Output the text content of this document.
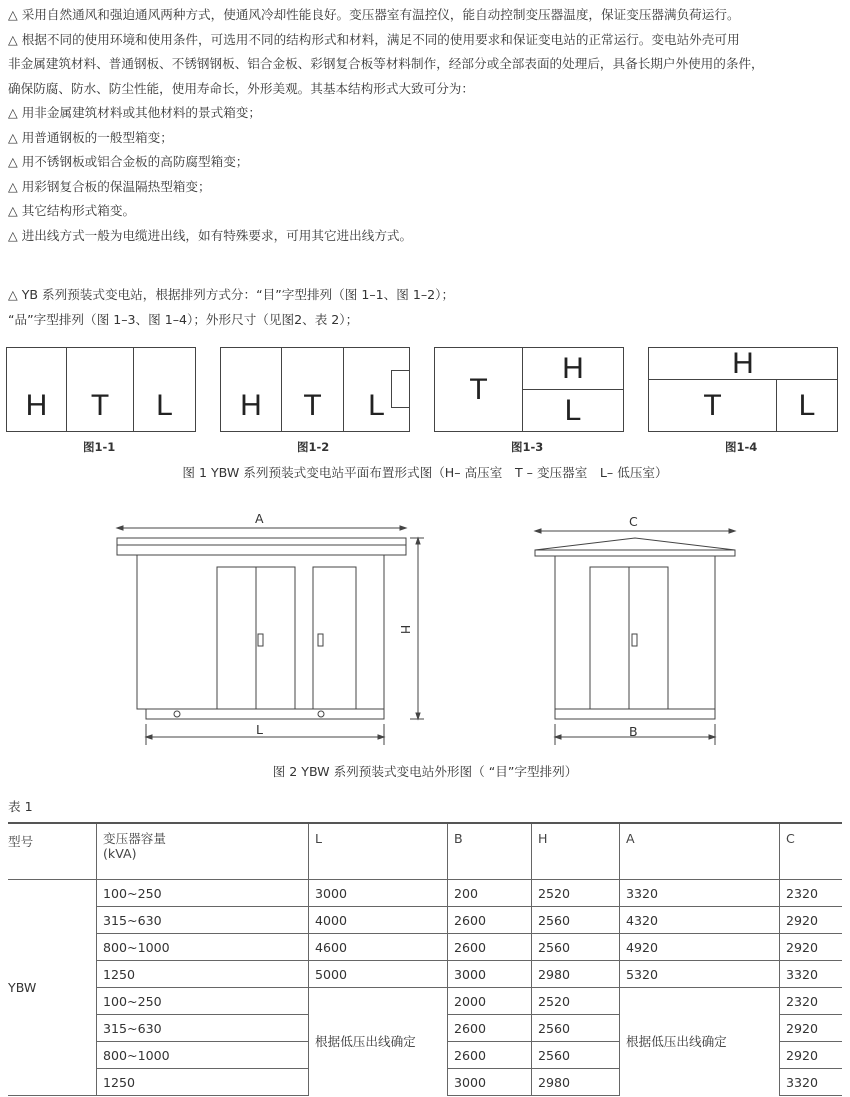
△ 采用自然通风和强迫通风两种方式，使通风冷却性能良好。变压器室有温控仪，能自动控制变压器温度，保证变压器满负荷运行。

△ 根据不同的使用环境和使用条件，可选用不同的结构形式和材料，满足不同的使用要求和保证变电站的正常运行。变电站外壳可用

非金属建筑材料、普通钢板、不锈钢钢板、铝合金板、彩钢复合板等材料制作，经部分或全部表面的处理后，具备长期户外使用的条件，

确保防腐、防水、防尘性能，使用寿命长，外形美观。其基本结构形式大致可分为：

△ 用非金属建筑材料或其他材料的景式箱变；

△ 用普通钢板的一般型箱变；

△ 用不锈钢板或铝合金板的高防腐型箱变；

△ 用彩钢复合板的保温隔热型箱变；

△ 其它结构形式箱变。

△ 进出线方式一般为电缆进出线，如有特殊要求，可用其它进出线方式。

△ YB 系列预装式变电站，根据排列方式分：“目”字型排列（图 1–1、图 1–2）；

“品”字型排列（图 1–3、图 1–4）；外形尺寸（见图2、表 2）；

H	T	L	H	T	L	T
H
L
H
T	L
图1-1	图1-2	图1-3	图1-4
图 1 YBW 系列预装式变电站平面布置形式图（H– 高压室　T – 变压器室　L– 低压室）
A	C
L	B
H
图 2 YBW 系列预装式变电站外形图（ “目”字型排列）
表 1
型号	变压器容量
(kVA)	L	B	H	A	C
YBW	100~250	3000	200	2520	3320	2320
	315~630	4000	2600	2560	4320	2920
	800~1000	4600	2600	2560	4920	2920
	1250	5000	3000	2980	5320	3320
	100~250	根据低压出线确定	2000	2520	根据低压出线确定	2320
	315~630		2600	2560		2920
	800~1000		2600	2560		2920
	1250		3000	2980		3320
